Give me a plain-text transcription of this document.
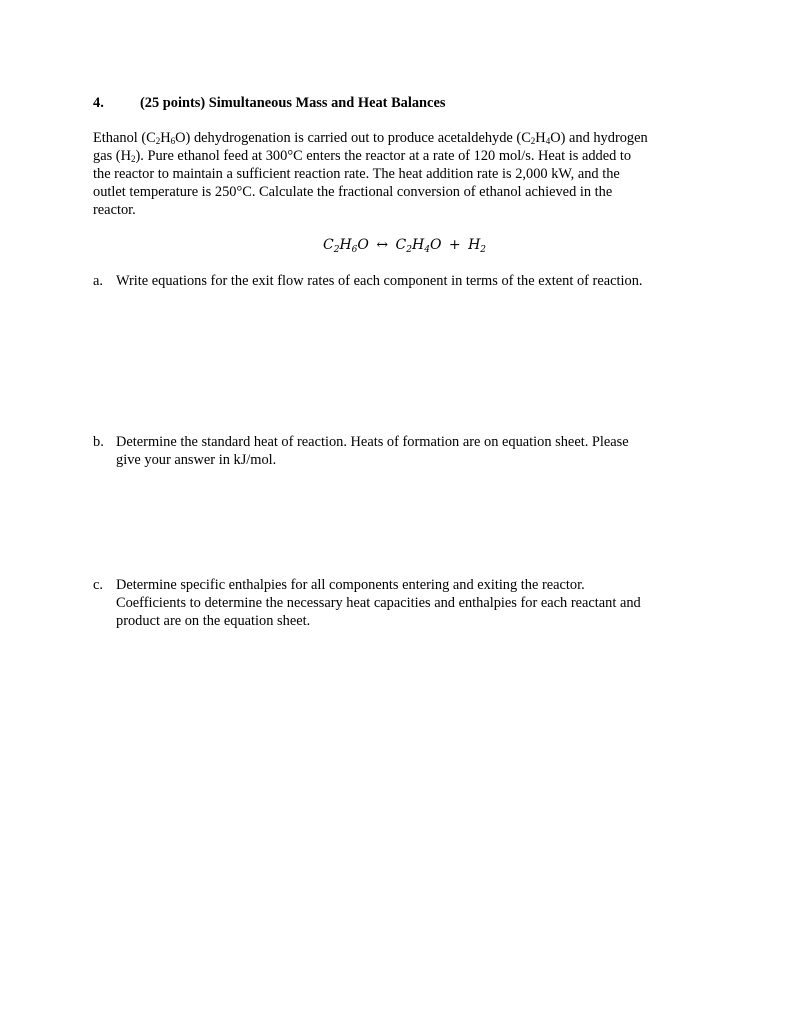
4.	(25 points) Simultaneous Mass and Heat Balances
Ethanol $(C_2H_6O)$ dehydrogenation is carried out to produce acetaldehyde $(C_2H_4O)$ and hydrogen
gas $(H_2)$. Pure ethanol feed at 300°C enters the reactor at a rate of 120 mol/s. Heat is added to
the reactor to maintain a sufficient reaction rate. The heat addition rate is 2,000 kW, and the
outlet temperature is 250°C. Calculate the fractional conversion of ethanol achieved in the
reactor.
$C_2H_6O$ ↔ $C_2H_4O + H_2$
a. Write equations for the exit flow rates of each component in terms of the extent of reaction.
b. Determine the standard heat of reaction. Heats of formation are on equation sheet. Please
give your answer in kJ/mol.
c. Determine specific enthalpies for all components entering and exiting the reactor.
Coefficients to determine the necessary heat capacities and enthalpies for each reactant and
product are on the equation sheet.
